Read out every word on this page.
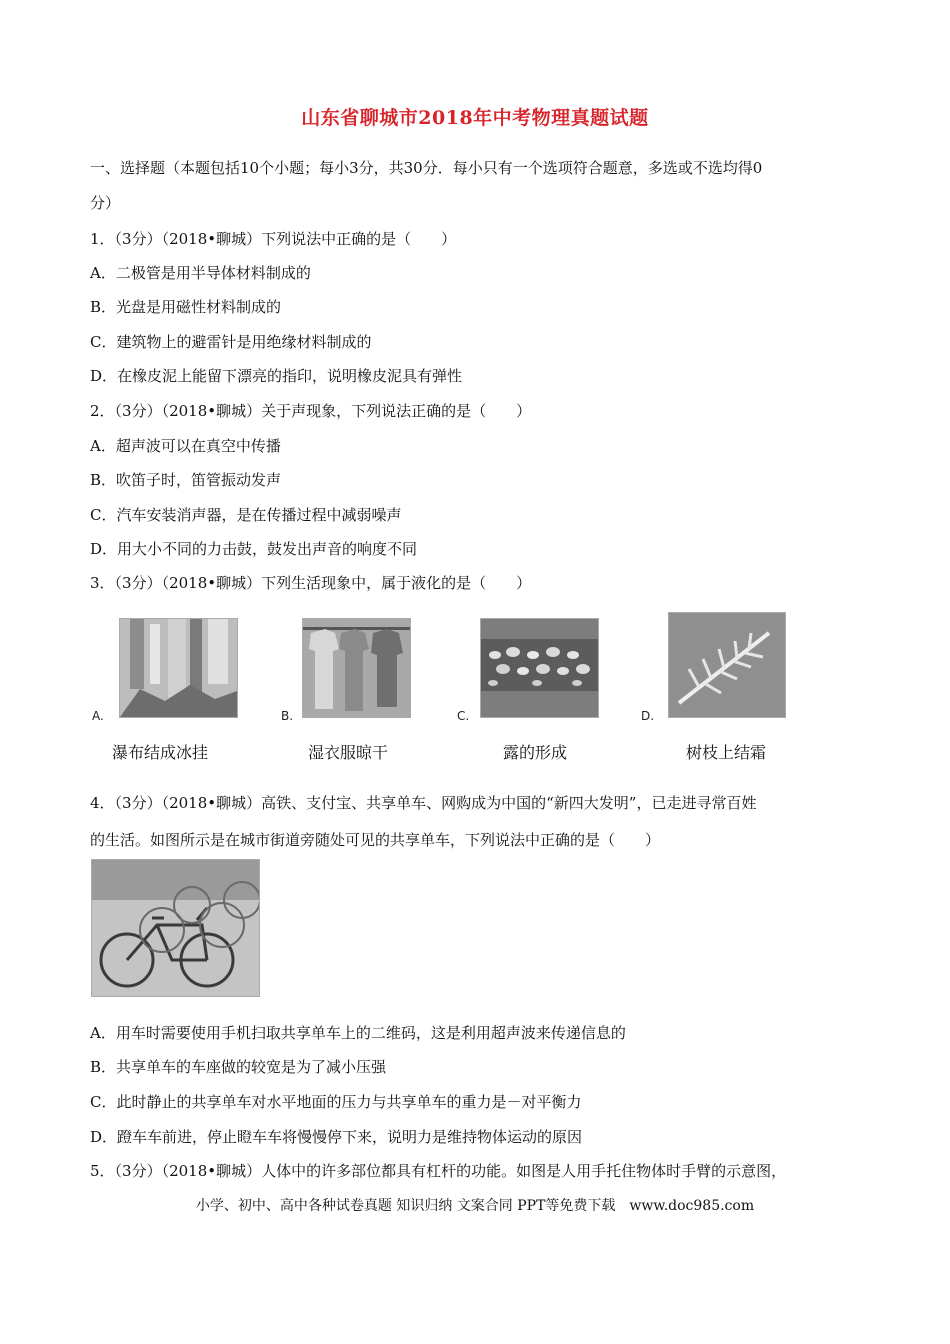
山东省聊城市2018年中考物理真题试题
一、选择题（本题包括10个小题；每小3分，共30分．每小只有一个选项符合题意，多选或不选均得0
分）
1．（3分）（2018•聊城）下列说法中正确的是（　　）
A．二极管是用半导体材料制成的
B．光盘是用磁性材料制成的
C．建筑物上的避雷针是用绝缘材料制成的
D．在橡皮泥上能留下漂亮的指印，说明橡皮泥具有弹性
2．（3分）（2018•聊城）关于声现象，下列说法正确的是（　　）
A．超声波可以在真空中传播
B．吹笛子时，笛管振动发声
C．汽车安装消声器，是在传播过程中减弱噪声
D．用大小不同的力击鼓，鼓发出声音的响度不同
3．（3分）（2018•聊城）下列生活现象中，属于液化的是（　　）
A.	B.	C.	D.
瀑布结成冰挂	湿衣服晾干	露的形成	树枝上结霜
4．（3分）（2018•聊城）高铁、支付宝、共享单车、网购成为中国的“新四大发明”，已走进寻常百姓
的生活。如图所示是在城市街道旁随处可见的共享单车，下列说法中正确的是（　　）
A．用车时需要使用手机扫取共享单车上的二维码，这是利用超声波来传递信息的
B．共享单车的车座做的较宽是为了减小压强
C．此时静止的共享单车对水平地面的压力与共享单车的重力是－对平衡力
D．蹬车车前进，停止瞪车车将慢慢停下来，说明力是维持物体运动的原因
5．（3分）（2018•聊城）人体中的许多部位都具有杠杆的功能。如图是人用手托住物体时手臂的示意图，
小学、初中、高中各种试卷真题 知识归纳 文案合同 PPT等免费下载　www.doc985.com
